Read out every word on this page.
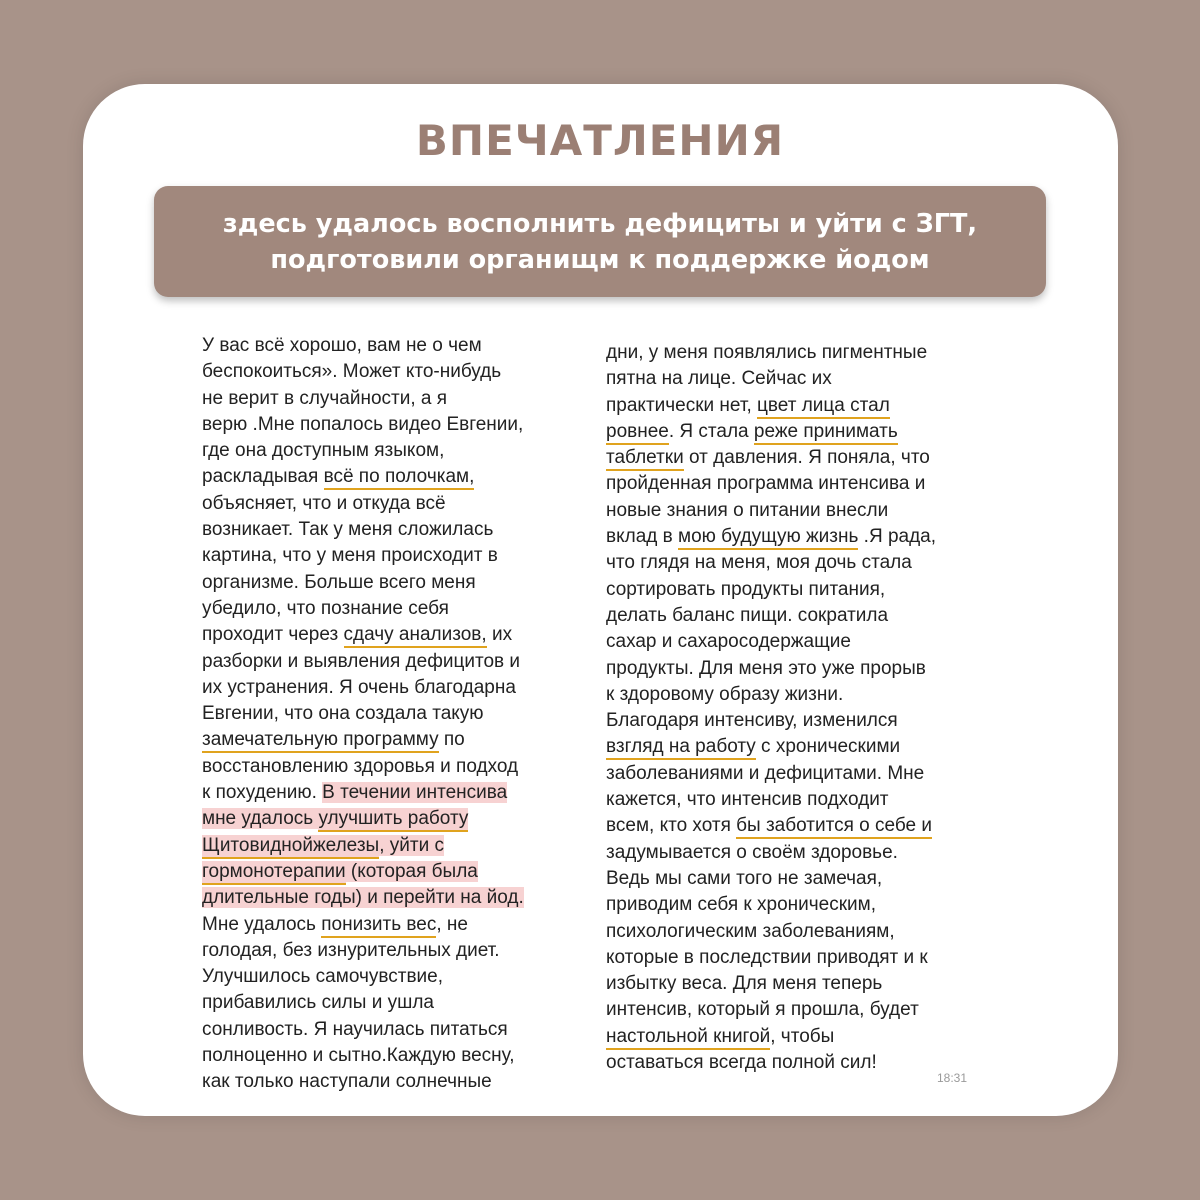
ВПЕЧАТЛЕНИЯ
здесь удалось восполнить дефициты и уйти с ЗГТ,
подготовили органищм к поддержке йодом
У вас всё хорошо, вам не о чем
беспокоиться». Может кто-нибудь
не верит в случайности, а я
верю .Мне попалось видео Евгении,
где она доступным языком,
раскладывая всё по полочкам,
объясняет, что и откуда всё
возникает. Так у меня сложилась
картина, что у меня происходит в
организме. Больше всего меня
убедило, что познание себя
проходит через сдачу анализов, их
разборки и выявления дефицитов и
их устранения. Я очень благодарна
Евгении, что она создала такую
замечательную программу по
восстановлению здоровья и подход
к похудению. В течении интенсива
мне удалось улучшить работу
Щитовиднойжелезы, уйти с
гормонотерапии (которая была
длительные годы) и перейти на йод.
Мне удалось понизить вес, не
голодая, без изнурительных диет.
Улучшилось самочувствие,
прибавились силы и ушла
сонливость. Я научилась питаться
полноценно и сытно.Каждую весну,
как только наступали солнечные
дни, у меня появлялись пигментные
пятна на лице. Сейчас их
практически нет, цвет лица стал
ровнее. Я стала реже принимать
таблетки от давления. Я поняла, что
пройденная программа интенсива и
новые знания о питании внесли
вклад в мою будущую жизнь .Я рада,
что глядя на меня, моя дочь стала
сортировать продукты питания,
делать баланс пищи. сократила
сахар и сахаросодержащие
продукты. Для меня это уже прорыв
к здоровому образу жизни.
Благодаря интенсиву, изменился
взгляд на работу с хроническими
заболеваниями и дефицитами. Мне
кажется, что интенсив подходит
всем, кто хотя бы заботится о себе и
задумывается о своём здоровье.
Ведь мы сами того не замечая,
приводим себя к хроническим,
психологическим заболеваниям,
которые в последствии приводят и к
избытку веса. Для меня теперь
интенсив, который я прошла, будет
настольной книгой, чтобы
оставаться всегда полной сил!
18:31
